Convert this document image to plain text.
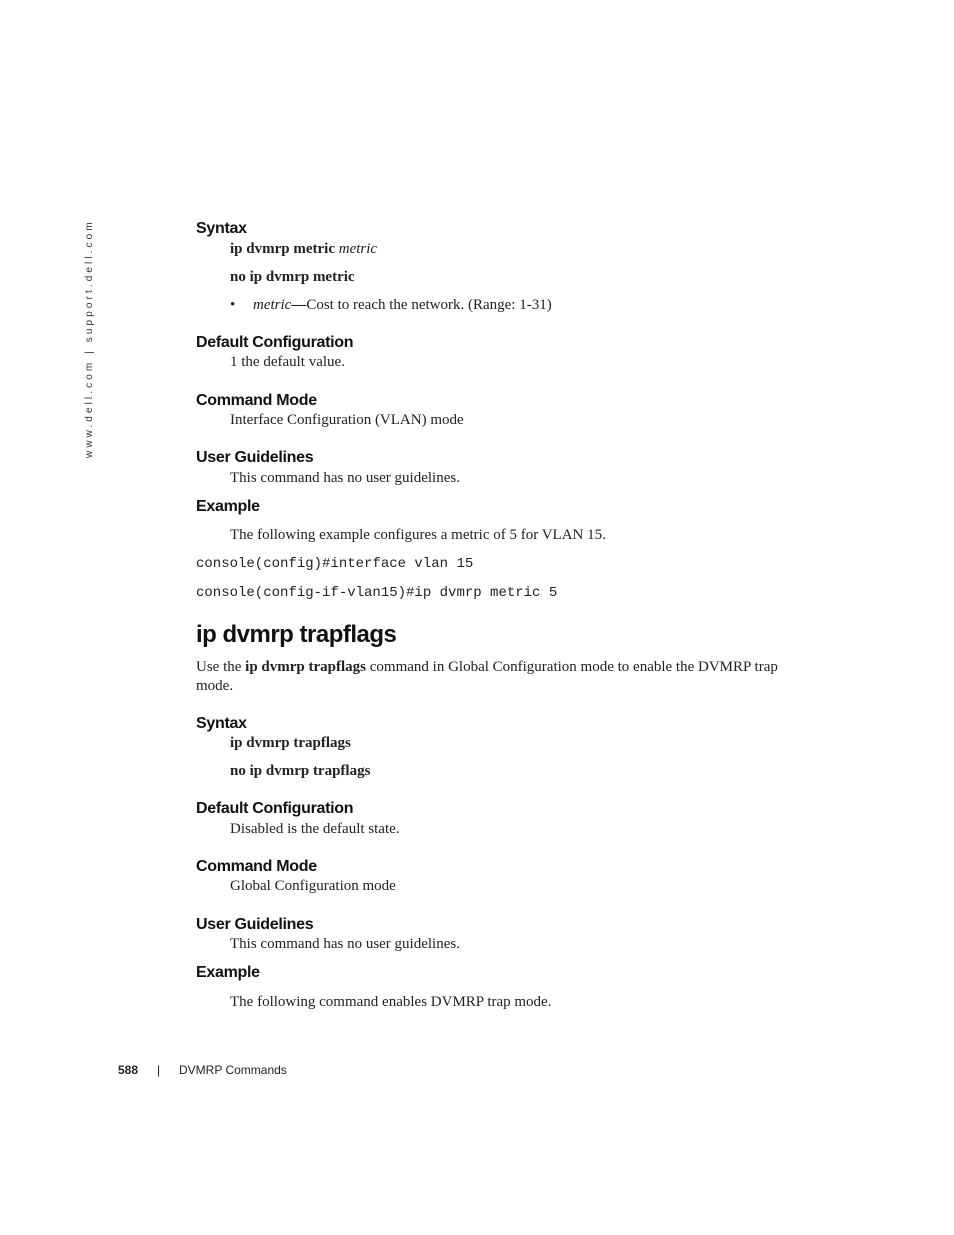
www.dell.com | support.dell.com	Syntax
ip dvmrp metric metric
no ip dvmrp metric
• metric—Cost to reach the network. (Range: 1-31)
Default Configuration
1 the default value.
Command Mode
Interface Configuration (VLAN) mode
User Guidelines
This command has no user guidelines.
Example
The following example configures a metric of 5 for VLAN 15.
console(config)#interface vlan 15
console(config-if-vlan15)#ip dvmrp metric 5
ip dvmrp trapflags
Use the ip dvmrp trapflags command in Global Configuration mode to enable the DVMRP trap mode.
Syntax
ip dvmrp trapflags
no ip dvmrp trapflags
Default Configuration
Disabled is the default state.
Command Mode
Global Configuration mode
User Guidelines
This command has no user guidelines.
Example
The following command enables DVMRP trap mode.
588 | DVMRP Commands
